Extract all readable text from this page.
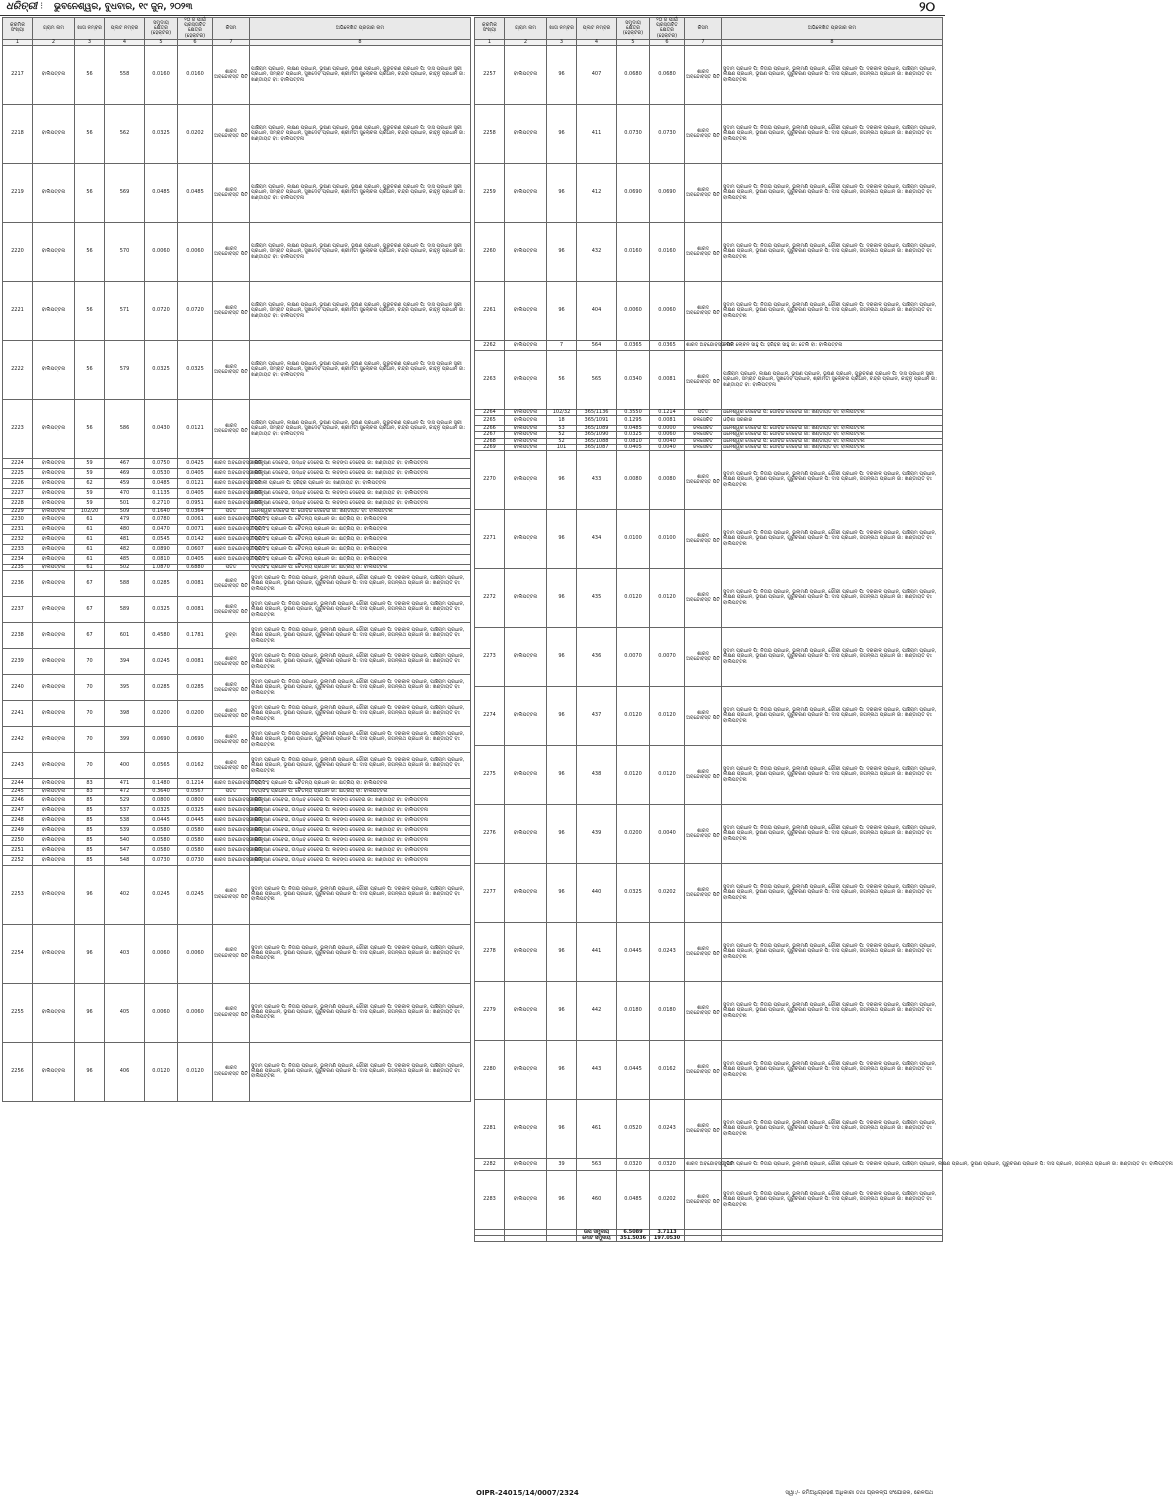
ଧରିତ୍ରୀ ⁝ ଭୁବନେଶ୍ୱର, ବୁଧବାର, ୧୯ ଜୁନ, ୨୦୨୩	୨୦
କ୍ରମିକ ସଂଖ୍ୟା	ଗ୍ରାମ ନାମ	ଖାତା ନମ୍ବର	ପ୍ଲଟ ନମ୍ବର	ସମୁଦାୟ କ୍ଷେତ୍ର (ହେକ୍ଟର)	୨୦ ଜ ପାଇଁ ପ୍ରସ୍ତାବିତ କ୍ଷେତ୍ର (ହେକ୍ଟର)	କିସମ	ଅଭିଳେଖିତ ପ୍ରଜାର ନାମ
1	2	3	4	5	6	7	8
2217	ବାଲିପଟ୍ଟନା	56	558	0.0160	0.0160	ଶାରଦ ଅବନ୍ଦୋବସ୍ତ ପିଟି	ପାଞ୍ଚିରାମ ପ୍ରଧାନ, ଲକ୍ଷଣ ପ୍ରଧାନ, ଭୂଷଣ ପ୍ରଧାନ, ଭୂଷଣ ପ୍ରଧାନ, ଗୁରୁଚରଣ ପ୍ରଧାନ ପି: ଦାସ ପ୍ରଧାନ ସ୍ତ୍ରୀ ପ୍ରଧାନ, ସମ୍ରାଟ ପ୍ରଧାନ, ସୁଖଦେବ ପ୍ରଧାନ, ଶ୍ରୀମତୀ ସୁଲୋଚନା ପ୍ରଧାନ, ଚନ୍ଦ୍ର ପ୍ରଧାନ, କାହ୍ନୁ ପ୍ରଧାନ ଜା: ଖଣ୍ଡାୟତ ବା: ବାଲିପଟ୍ଟନା
2218	ବାଲିପଟ୍ଟନା	56	562	0.0325	0.0202	ଶାରଦ ଅବନ୍ଦୋବସ୍ତ ପିଟି	ପାଞ୍ଚିରାମ ପ୍ରଧାନ, ଲକ୍ଷଣ ପ୍ରଧାନ, ଭୂଷଣ ପ୍ରଧାନ, ଭୂଷଣ ପ୍ରଧାନ, ଗୁରୁଚରଣ ପ୍ରଧାନ ପି: ଦାସ ପ୍ରଧାନ ସ୍ତ୍ରୀ ପ୍ରଧାନ, ସମ୍ରାଟ ପ୍ରଧାନ, ସୁଖଦେବ ପ୍ରଧାନ, ଶ୍ରୀମତୀ ସୁଲୋଚନା ପ୍ରଧାନ, ଚନ୍ଦ୍ର ପ୍ରଧାନ, କାହ୍ନୁ ପ୍ରଧାନ ଜା: ଖଣ୍ଡାୟତ ବା: ବାଲିପଟ୍ଟନା
2219	ବାଲିପଟ୍ଟନା	56	569	0.0485	0.0485	ଶାରଦ ଅବନ୍ଦୋବସ୍ତ ପିଟି	ପାଞ୍ଚିରାମ ପ୍ରଧାନ, ଲକ୍ଷଣ ପ୍ରଧାନ, ଭୂଷଣ ପ୍ରଧାନ, ଭୂଷଣ ପ୍ରଧାନ, ଗୁରୁଚରଣ ପ୍ରଧାନ ପି: ଦାସ ପ୍ରଧାନ ସ୍ତ୍ରୀ ପ୍ରଧାନ, ସମ୍ରାଟ ପ୍ରଧାନ, ସୁଖଦେବ ପ୍ରଧାନ, ଶ୍ରୀମତୀ ସୁଲୋଚନା ପ୍ରଧାନ, ଚନ୍ଦ୍ର ପ୍ରଧାନ, କାହ୍ନୁ ପ୍ରଧାନ ଜା: ଖଣ୍ଡାୟତ ବା: ବାଲିପଟ୍ଟନା
2220	ବାଲିପଟ୍ଟନା	56	570	0.0060	0.0060	ଶାରଦ ଅବନ୍ଦୋବସ୍ତ ପିଟି	ପାଞ୍ଚିରାମ ପ୍ରଧାନ, ଲକ୍ଷଣ ପ୍ରଧାନ, ଭୂଷଣ ପ୍ରଧାନ, ଭୂଷଣ ପ୍ରଧାନ, ଗୁରୁଚରଣ ପ୍ରଧାନ ପି: ଦାସ ପ୍ରଧାନ ସ୍ତ୍ରୀ ପ୍ରଧାନ, ସମ୍ରାଟ ପ୍ରଧାନ, ସୁଖଦେବ ପ୍ରଧାନ, ଶ୍ରୀମତୀ ସୁଲୋଚନା ପ୍ରଧାନ, ଚନ୍ଦ୍ର ପ୍ରଧାନ, କାହ୍ନୁ ପ୍ରଧାନ ଜା: ଖଣ୍ଡାୟତ ବା: ବାଲିପଟ୍ଟନା
2221	ବାଲିପଟ୍ଟନା	56	571	0.0720	0.0720	ଶାରଦ ଅବନ୍ଦୋବସ୍ତ ପିଟି	ପାଞ୍ଚିରାମ ପ୍ରଧାନ, ଲକ୍ଷଣ ପ୍ରଧାନ, ଭୂଷଣ ପ୍ରଧାନ, ଭୂଷଣ ପ୍ରଧାନ, ଗୁରୁଚରଣ ପ୍ରଧାନ ପି: ଦାସ ପ୍ରଧାନ ସ୍ତ୍ରୀ ପ୍ରଧାନ, ସମ୍ରାଟ ପ୍ରଧାନ, ସୁଖଦେବ ପ୍ରଧାନ, ଶ୍ରୀମତୀ ସୁଲୋଚନା ପ୍ରଧାନ, ଚନ୍ଦ୍ର ପ୍ରଧାନ, କାହ୍ନୁ ପ୍ରଧାନ ଜା: ଖଣ୍ଡାୟତ ବା: ବାଲିପଟ୍ଟନା
2222	ବାଲିପଟ୍ଟନା	56	579	0.0325	0.0325	ଶାରଦ ଅବନ୍ଦୋବସ୍ତ ପିଟି	ପାଞ୍ଚିରାମ ପ୍ରଧାନ, ଲକ୍ଷଣ ପ୍ରଧାନ, ଭୂଷଣ ପ୍ରଧାନ, ଭୂଷଣ ପ୍ରଧାନ, ଗୁରୁଚରଣ ପ୍ରଧାନ ପି: ଦାସ ପ୍ରଧାନ ସ୍ତ୍ରୀ ପ୍ରଧାନ, ସମ୍ରାଟ ପ୍ରଧାନ, ସୁଖଦେବ ପ୍ରଧାନ, ଶ୍ରୀମତୀ ସୁଲୋଚନା ପ୍ରଧାନ, ଚନ୍ଦ୍ର ପ୍ରଧାନ, କାହ୍ନୁ ପ୍ରଧାନ ଜା: ଖଣ୍ଡାୟତ ବା: ବାଲିପଟ୍ଟନା
2223	ବାଲିପଟ୍ଟନା	56	586	0.0430	0.0121	ଶାରଦ ଅବନ୍ଦୋବସ୍ତ ପିଟି	ପାଞ୍ଚିରାମ ପ୍ରଧାନ, ଲକ୍ଷଣ ପ୍ରଧାନ, ଭୂଷଣ ପ୍ରଧାନ, ଭୂଷଣ ପ୍ରଧାନ, ଗୁରୁଚରଣ ପ୍ରଧାନ ପି: ଦାସ ପ୍ରଧାନ ସ୍ତ୍ରୀ ପ୍ରଧାନ, ସମ୍ରାଟ ପ୍ରଧାନ, ସୁଖଦେବ ପ୍ରଧାନ, ଶ୍ରୀମତୀ ସୁଲୋଚନା ପ୍ରଧାନ, ଚନ୍ଦ୍ର ପ୍ରଧାନ, କାହ୍ନୁ ପ୍ରଧାନ ଜା: ଖଣ୍ଡାୟତ ବା: ବାଲିପଟ୍ଟନା
2224	ବାଲିପଟ୍ଟନା	59	467	0.0750	0.0425	ଶାରଦ ଅବନ୍ଦୋବସ୍ତ ପିଟି	ଶ୍ରୀକୃଷ୍ଣ ଦେବେଇ, ଉଦ୍ଧବ ଦେବେଇ ପି: ଲବଙ୍ଗ ଦେବେଇ ଜା: ଖଣ୍ଡାୟତ ବା: ବାଲିପଟ୍ଟନା
2225	ବାଲିପଟ୍ଟନା	59	469	0.0530	0.0405	ଶାରଦ ଅବନ୍ଦୋବସ୍ତ ପିଟି	ଶ୍ରୀକୃଷ୍ଣ ଦେବେଇ, ଉଦ୍ଧବ ଦେବେଇ ପି: ଲବଙ୍ଗ ଦେବେଇ ଜା: ଖଣ୍ଡାୟତ ବା: ବାଲିପଟ୍ଟନା
2226	ବାଲିପଟ୍ଟନା	62	459	0.0485	0.0121	ଶାରଦ ଅବନ୍ଦୋବସ୍ତ ପିଟି	ବନମାଳୀ ପ୍ରଧାନ ପି: ହରିହର ପ୍ରଧାନ ଜା: ଖଣ୍ଡାୟତ ବା: ବାଲିପଟ୍ଟନା
2227	ବାଲିପଟ୍ଟନା	59	470	0.1135	0.0405	ଶାରଦ ଅବନ୍ଦୋବସ୍ତ ପିଟି	ଶ୍ରୀକୃଷ୍ଣ ଦେବେଇ, ଉଦ୍ଧବ ଦେବେଇ ପି: ଲବଙ୍ଗ ଦେବେଇ ଜା: ଖଣ୍ଡାୟତ ବା: ବାଲିପଟ୍ଟନା
2228	ବାଲିପଟ୍ଟନା	59	501	0.2710	0.0951	ଶାରଦ ଅବନ୍ଦୋବସ୍ତ ପିଟି	ଶ୍ରୀକୃଷ୍ଣ ଦେବେଇ, ଉଦ୍ଧବ ଦେବେଇ ପି: ଲବଙ୍ଗ ଦେବେଇ ଜା: ଖଣ୍ଡାୟତ ବା: ବାଲିପଟ୍ଟନା
2229	ବାଲିପଟ୍ଟନା	102/20	509	0.1640	0.0364	ପତିତ	ଧନେଶ୍ୱର ଦେବେଇ ପି: ଗୋବିନ୍ଦ ଦେବେଇ ଜା: ଖଣ୍ଡାୟତ ବା: ବାଲିପଟ୍ଟନା
2230	ବାଲିପଟ୍ଟନା	61	479	0.0780	0.0061	ଶାରଦ ଅବନ୍ଦୋବସ୍ତ ପିଟି	ଦିବ୍ୟସିଂହ ପ୍ରଧାନ ପି: ଚୈତନ୍ୟ ପ୍ରଧାନ ଜା: କ୍ଷତ୍ରିୟ ବା: ବାଲିପଟ୍ଟନା
2231	ବାଲିପଟ୍ଟନା	61	480	0.0470	0.0071	ଶାରଦ ଅବନ୍ଦୋବସ୍ତ ପିଟି	ଦିବ୍ୟସିଂହ ପ୍ରଧାନ ପି: ଚୈତନ୍ୟ ପ୍ରଧାନ ଜା: କ୍ଷତ୍ରିୟ ବା: ବାଲିପଟ୍ଟନା
2232	ବାଲିପଟ୍ଟନା	61	481	0.0545	0.0142	ଶାରଦ ଅବନ୍ଦୋବସ୍ତ ପିଟି	ଦିବ୍ୟସିଂହ ପ୍ରଧାନ ପି: ଚୈତନ୍ୟ ପ୍ରଧାନ ଜା: କ୍ଷତ୍ରିୟ ବା: ବାଲିପଟ୍ଟନା
2233	ବାଲିପଟ୍ଟନା	61	482	0.0890	0.0607	ଶାରଦ ଅବନ୍ଦୋବସ୍ତ ପିଟି	ଦିବ୍ୟସିଂହ ପ୍ରଧାନ ପି: ଚୈତନ୍ୟ ପ୍ରଧାନ ଜା: କ୍ଷତ୍ରିୟ ବା: ବାଲିପଟ୍ଟନା
2234	ବାଲିପଟ୍ଟନା	61	485	0.0810	0.0405	ଶାରଦ ଅବନ୍ଦୋବସ୍ତ ପିଟି	ଦିବ୍ୟସିଂହ ପ୍ରଧାନ ପି: ଚୈତନ୍ୟ ପ୍ରଧାନ ଜା: କ୍ଷତ୍ରିୟ ବା: ବାଲିପଟ୍ଟନା
2235	ବାଲିପଟ୍ଟନା	61	502	1.0870	0.6880	ପତିତ	ଦିବ୍ୟସିଂହ ପ୍ରଧାନ ପି: ଚୈତନ୍ୟ ପ୍ରଧାନ ଜା: କ୍ଷତ୍ରିୟ ବା: ବାଲିପଟ୍ଟନା
2236	ବାଲିପଟ୍ଟନା	67	588	0.0285	0.0081	ଶାରଦ ଅବନ୍ଦୋବସ୍ତ ପିଟି	ସୁଦାମ ପ୍ରଧାନ ପି: ନିତାଇ ପ୍ରଧାନ, ଭୁଲାମଣି ପ୍ରଧାନ, ଗୌରୀ ପ୍ରଧାନ ପି: ଦରକାଳ ପ୍ରଧାନ, ପାଞ୍ଚିରାମ ପ୍ରଧାନ, ଲକ୍ଷଣ ପ୍ରଧାନ, ଭୂଷଣ ପ୍ରଧାନ, ଗୁରୁଚରଣ ପ୍ରଧାନ ପି: ଦାସ ପ୍ରଧାନ, ଜଗନ୍ନାଥ ପ୍ରଧାନ ଜା: ଖଣ୍ଡାୟତ ବା: ବାଲିପଟ୍ଟନା
2237	ବାଲିପଟ୍ଟନା	67	589	0.0325	0.0081	ଶାରଦ ଅବନ୍ଦୋବସ୍ତ ପିଟି	ସୁଦାମ ପ୍ରଧାନ ପି: ନିତାଇ ପ୍ରଧାନ, ଭୁଲାମଣି ପ୍ରଧାନ, ଗୌରୀ ପ୍ରଧାନ ପି: ଦରକାଳ ପ୍ରଧାନ, ପାଞ୍ଚିରାମ ପ୍ରଧାନ, ଲକ୍ଷଣ ପ୍ରଧାନ, ଭୂଷଣ ପ୍ରଧାନ, ଗୁରୁଚରଣ ପ୍ରଧାନ ପି: ଦାସ ପ୍ରଧାନ, ଜଗନ୍ନାଥ ପ୍ରଧାନ ଜା: ଖଣ୍ଡାୟତ ବା: ବାଲିପଟ୍ଟନା
2238	ବାଲିପଟ୍ଟନା	67	601	0.4580	0.1781	ଡୁବ୍ବା	ସୁଦାମ ପ୍ରଧାନ ପି: ନିତାଇ ପ୍ରଧାନ, ଭୁଲାମଣି ପ୍ରଧାନ, ଗୌରୀ ପ୍ରଧାନ ପି: ଦରକାଳ ପ୍ରଧାନ, ପାଞ୍ଚିରାମ ପ୍ରଧାନ, ଲକ୍ଷଣ ପ୍ରଧାନ, ଭୂଷଣ ପ୍ରଧାନ, ଗୁରୁଚରଣ ପ୍ରଧାନ ପି: ଦାସ ପ୍ରଧାନ, ଜଗନ୍ନାଥ ପ୍ରଧାନ ଜା: ଖଣ୍ଡାୟତ ବା: ବାଲିପଟ୍ଟନା
2239	ବାଲିପଟ୍ଟନା	70	394	0.0245	0.0081	ଶାରଦ ଅବନ୍ଦୋବସ୍ତ ପିଟି	ସୁଦାମ ପ୍ରଧାନ ପି: ନିତାଇ ପ୍ରଧାନ, ଭୁଲାମଣି ପ୍ରଧାନ, ଗୌରୀ ପ୍ରଧାନ ପି: ଦରକାଳ ପ୍ରଧାନ, ପାଞ୍ଚିରାମ ପ୍ରଧାନ, ଲକ୍ଷଣ ପ୍ରଧାନ, ଭୂଷଣ ପ୍ରଧାନ, ଗୁରୁଚରଣ ପ୍ରଧାନ ପି: ଦାସ ପ୍ରଧାନ, ଜଗନ୍ନାଥ ପ୍ରଧାନ ଜା: ଖଣ୍ଡାୟତ ବା: ବାଲିପଟ୍ଟନା
2240	ବାଲିପଟ୍ଟନା	70	395	0.0285	0.0285	ଶାରଦ ଅବନ୍ଦୋବସ୍ତ ପିଟି	ସୁଦାମ ପ୍ରଧାନ ପି: ନିତାଇ ପ୍ରଧାନ, ଭୁଲାମଣି ପ୍ରଧାନ, ଗୌରୀ ପ୍ରଧାନ ପି: ଦରକାଳ ପ୍ରଧାନ, ପାଞ୍ଚିରାମ ପ୍ରଧାନ, ଲକ୍ଷଣ ପ୍ରଧାନ, ଭୂଷଣ ପ୍ରଧାନ, ଗୁରୁଚରଣ ପ୍ରଧାନ ପି: ଦାସ ପ୍ରଧାନ, ଜଗନ୍ନାଥ ପ୍ରଧାନ ଜା: ଖଣ୍ଡାୟତ ବା: ବାଲିପଟ୍ଟନା
2241	ବାଲିପଟ୍ଟନା	70	398	0.0200	0.0200	ଶାରଦ ଅବନ୍ଦୋବସ୍ତ ପିଟି	ସୁଦାମ ପ୍ରଧାନ ପି: ନିତାଇ ପ୍ରଧାନ, ଭୁଲାମଣି ପ୍ରଧାନ, ଗୌରୀ ପ୍ରଧାନ ପି: ଦରକାଳ ପ୍ରଧାନ, ପାଞ୍ଚିରାମ ପ୍ରଧାନ, ଲକ୍ଷଣ ପ୍ରଧାନ, ଭୂଷଣ ପ୍ରଧାନ, ଗୁରୁଚରଣ ପ୍ରଧାନ ପି: ଦାସ ପ୍ରଧାନ, ଜଗନ୍ନାଥ ପ୍ରଧାନ ଜା: ଖଣ୍ଡାୟତ ବା: ବାଲିପଟ୍ଟନା
2242	ବାଲିପଟ୍ଟନା	70	399	0.0690	0.0690	ଶାରଦ ଅବନ୍ଦୋବସ୍ତ ପିଟି	ସୁଦାମ ପ୍ରଧାନ ପି: ନିତାଇ ପ୍ରଧାନ, ଭୁଲାମଣି ପ୍ରଧାନ, ଗୌରୀ ପ୍ରଧାନ ପି: ଦରକାଳ ପ୍ରଧାନ, ପାଞ୍ଚିରାମ ପ୍ରଧାନ, ଲକ୍ଷଣ ପ୍ରଧାନ, ଭୂଷଣ ପ୍ରଧାନ, ଗୁରୁଚରଣ ପ୍ରଧାନ ପି: ଦାସ ପ୍ରଧାନ, ଜଗନ୍ନାଥ ପ୍ରଧାନ ଜା: ଖଣ୍ଡାୟତ ବା: ବାଲିପଟ୍ଟନା
2243	ବାଲିପଟ୍ଟନା	70	400	0.0565	0.0162	ଶାରଦ ଅବନ୍ଦୋବସ୍ତ ପିଟି	ସୁଦାମ ପ୍ରଧାନ ପି: ନିତାଇ ପ୍ରଧାନ, ଭୁଲାମଣି ପ୍ରଧାନ, ଗୌରୀ ପ୍ରଧାନ ପି: ଦରକାଳ ପ୍ରଧାନ, ପାଞ୍ଚିରାମ ପ୍ରଧାନ, ଲକ୍ଷଣ ପ୍ରଧାନ, ଭୂଷଣ ପ୍ରଧାନ, ଗୁରୁଚରଣ ପ୍ରଧାନ ପି: ଦାସ ପ୍ରଧାନ, ଜଗନ୍ନାଥ ପ୍ରଧାନ ଜା: ଖଣ୍ଡାୟତ ବା: ବାଲିପଟ୍ଟନା
2244	ବାଲିପଟ୍ଟନା	83	471	0.1480	0.1214	ଶାରଦ ଅବନ୍ଦୋବସ୍ତ ପିଟି	ଦିବ୍ୟସିଂହ ପ୍ରଧାନ ପି: ଚୈତନ୍ୟ ପ୍ରଧାନ ଜା: କ୍ଷତ୍ରିୟ ବା: ବାଲିପଟ୍ଟନା
2245	ବାଲିପଟ୍ଟନା	83	472	0.3640	0.0567	ପତିତ	ଦିବ୍ୟସିଂହ ପ୍ରଧାନ ପି: ଚୈତନ୍ୟ ପ୍ରଧାନ ଜା: କ୍ଷତ୍ରିୟ ବା: ବାଲିପଟ୍ଟନା
2246	ବାଲିପଟ୍ଟନା	85	529	0.0800	0.0800	ଶାରଦ ଅବନ୍ଦୋବସ୍ତ ପିଟି	ଶ୍ରୀକୃଷ୍ଣ ଦେବେଇ, ଉଦ୍ଧବ ଦେବେଇ ପି: ଲବଙ୍ଗ ଦେବେଇ ଜା: ଖଣ୍ଡାୟତ ବା: ବାଲିପଟ୍ଟନା
2247	ବାଲିପଟ୍ଟନା	85	537	0.0325	0.0325	ଶାରଦ ଅବନ୍ଦୋବସ୍ତ ପିଟି	ଶ୍ରୀକୃଷ୍ଣ ଦେବେଇ, ଉଦ୍ଧବ ଦେବେଇ ପି: ଲବଙ୍ଗ ଦେବେଇ ଜା: ଖଣ୍ଡାୟତ ବା: ବାଲିପଟ୍ଟନା
2248	ବାଲିପଟ୍ଟନା	85	538	0.0445	0.0445	ଶାରଦ ଅବନ୍ଦୋବସ୍ତ ପିଟି	ଶ୍ରୀକୃଷ୍ଣ ଦେବେଇ, ଉଦ୍ଧବ ଦେବେଇ ପି: ଲବଙ୍ଗ ଦେବେଇ ଜା: ଖଣ୍ଡାୟତ ବା: ବାଲିପଟ୍ଟନା
2249	ବାଲିପଟ୍ଟନା	85	539	0.0580	0.0580	ଶାରଦ ଅବନ୍ଦୋବସ୍ତ ପିଟି	ଶ୍ରୀକୃଷ୍ଣ ଦେବେଇ, ଉଦ୍ଧବ ଦେବେଇ ପି: ଲବଙ୍ଗ ଦେବେଇ ଜା: ଖଣ୍ଡାୟତ ବା: ବାଲିପଟ୍ଟନା
2250	ବାଲିପଟ୍ଟନା	85	540	0.0580	0.0580	ଶାରଦ ଅବନ୍ଦୋବସ୍ତ ପିଟି	ଶ୍ରୀକୃଷ୍ଣ ଦେବେଇ, ଉଦ୍ଧବ ଦେବେଇ ପି: ଲବଙ୍ଗ ଦେବେଇ ଜା: ଖଣ୍ଡାୟତ ବା: ବାଲିପଟ୍ଟନା
2251	ବାଲିପଟ୍ଟନା	85	547	0.0580	0.0580	ଶାରଦ ଅବନ୍ଦୋବସ୍ତ ପିଟି	ଶ୍ରୀକୃଷ୍ଣ ଦେବେଇ, ଉଦ୍ଧବ ଦେବେଇ ପି: ଲବଙ୍ଗ ଦେବେଇ ଜା: ଖଣ୍ଡାୟତ ବା: ବାଲିପଟ୍ଟନା
2252	ବାଲିପଟ୍ଟନା	85	548	0.0730	0.0730	ଶାରଦ ଅବନ୍ଦୋବସ୍ତ ପିଟି	ଶ୍ରୀକୃଷ୍ଣ ଦେବେଇ, ଉଦ୍ଧବ ଦେବେଇ ପି: ଲବଙ୍ଗ ଦେବେଇ ଜା: ଖଣ୍ଡାୟତ ବା: ବାଲିପଟ୍ଟନା
2253	ବାଲିପଟ୍ଟନା	96	402	0.0245	0.0245	ଶାରଦ ଅବନ୍ଦୋବସ୍ତ ପିଟି	ସୁଦାମ ପ୍ରଧାନ ପି: ନିତାଇ ପ୍ରଧାନ, ଭୁଲାମଣି ପ୍ରଧାନ, ଗୌରୀ ପ୍ରଧାନ ପି: ଦରକାଳ ପ୍ରଧାନ, ପାଞ୍ଚିରାମ ପ୍ରଧାନ, ଲକ୍ଷଣ ପ୍ରଧାନ, ଭୂଷଣ ପ୍ରଧାନ, ଗୁରୁଚରଣ ପ୍ରଧାନ ପି: ଦାସ ପ୍ରଧାନ, ଜଗନ୍ନାଥ ପ୍ରଧାନ ଜା: ଖଣ୍ଡାୟତ ବା: ବାଲିପଟ୍ଟନା
2254	ବାଲିପଟ୍ଟନା	96	403	0.0060	0.0060	ଶାରଦ ଅବନ୍ଦୋବସ୍ତ ପିଟି	ସୁଦାମ ପ୍ରଧାନ ପି: ନିତାଇ ପ୍ରଧାନ, ଭୁଲାମଣି ପ୍ରଧାନ, ଗୌରୀ ପ୍ରଧାନ ପି: ଦରକାଳ ପ୍ରଧାନ, ପାଞ୍ଚିରାମ ପ୍ରଧାନ, ଲକ୍ଷଣ ପ୍ରଧାନ, ଭୂଷଣ ପ୍ରଧାନ, ଗୁରୁଚରଣ ପ୍ରଧାନ ପି: ଦାସ ପ୍ରଧାନ, ଜଗନ୍ନାଥ ପ୍ରଧାନ ଜା: ଖଣ୍ଡାୟତ ବା: ବାଲିପଟ୍ଟନା
2255	ବାଲିପଟ୍ଟନା	96	405	0.0060	0.0060	ଶାରଦ ଅବନ୍ଦୋବସ୍ତ ପିଟି	ସୁଦାମ ପ୍ରଧାନ ପି: ନିତାଇ ପ୍ରଧାନ, ଭୁଲାମଣି ପ୍ରଧାନ, ଗୌରୀ ପ୍ରଧାନ ପି: ଦରକାଳ ପ୍ରଧାନ, ପାଞ୍ଚିରାମ ପ୍ରଧାନ, ଲକ୍ଷଣ ପ୍ରଧାନ, ଭୂଷଣ ପ୍ରଧାନ, ଗୁରୁଚରଣ ପ୍ରଧାନ ପି: ଦାସ ପ୍ରଧାନ, ଜଗନ୍ନାଥ ପ୍ରଧାନ ଜା: ଖଣ୍ଡାୟତ ବା: ବାଲିପଟ୍ଟନା
2256	ବାଲିପଟ୍ଟନା	96	406	0.0120	0.0120	ଶାରଦ ଅବନ୍ଦୋବସ୍ତ ପିଟି	ସୁଦାମ ପ୍ରଧାନ ପି: ନିତାଇ ପ୍ରଧାନ, ଭୁଲାମଣି ପ୍ରଧାନ, ଗୌରୀ ପ୍ରଧାନ ପି: ଦରକାଳ ପ୍ରଧାନ, ପାଞ୍ଚିରାମ ପ୍ରଧାନ, ଲକ୍ଷଣ ପ୍ରଧାନ, ଭୂଷଣ ପ୍ରଧାନ, ଗୁରୁଚରଣ ପ୍ରଧାନ ପି: ଦାସ ପ୍ରଧାନ, ଜଗନ୍ନାଥ ପ୍ରଧାନ ଜା: ଖଣ୍ଡାୟତ ବା: ବାଲିପଟ୍ଟନା
କ୍ରମିକ ସଂଖ୍ୟା	ଗ୍ରାମ ନାମ	ଖାତା ନମ୍ବର	ପ୍ଲଟ ନମ୍ବର	ସମୁଦାୟ କ୍ଷେତ୍ର (ହେକ୍ଟର)	୨୦ ଜ ପାଇଁ ପ୍ରସ୍ତାବିତ କ୍ଷେତ୍ର (ହେକ୍ଟର)	କିସମ	ଅଭିଳେଖିତ ପ୍ରଜାର ନାମ
1	2	3	4	5	6	7	8
2257	ବାଲିପଟ୍ଟନା	96	407	0.0680	0.0680	ଶାରଦ ଅବନ୍ଦୋବସ୍ତ ପିଟି	ସୁଦାମ ପ୍ରଧାନ ପି: ନିତାଇ ପ୍ରଧାନ, ଭୁଲାମଣି ପ୍ରଧାନ, ଗୌରୀ ପ୍ରଧାନ ପି: ଦରକାଳ ପ୍ରଧାନ, ପାଞ୍ଚିରାମ ପ୍ରଧାନ, ଲକ୍ଷଣ ପ୍ରଧାନ, ଭୂଷଣ ପ୍ରଧାନ, ଗୁରୁଚରଣ ପ୍ରଧାନ ପି: ଦାସ ପ୍ରଧାନ, ଜଗନ୍ନାଥ ପ୍ରଧାନ ଜା: ଖଣ୍ଡାୟତ ବା: ବାଲିପଟ୍ଟନା
2258	ବାଲିପଟ୍ଟନା	96	411	0.0730	0.0730	ଶାରଦ ଅବନ୍ଦୋବସ୍ତ ପିଟି	ସୁଦାମ ପ୍ରଧାନ ପି: ନିତାଇ ପ୍ରଧାନ, ଭୁଲାମଣି ପ୍ରଧାନ, ଗୌରୀ ପ୍ରଧାନ ପି: ଦରକାଳ ପ୍ରଧାନ, ପାଞ୍ଚିରାମ ପ୍ରଧାନ, ଲକ୍ଷଣ ପ୍ରଧାନ, ଭୂଷଣ ପ୍ରଧାନ, ଗୁରୁଚରଣ ପ୍ରଧାନ ପି: ଦାସ ପ୍ରଧାନ, ଜଗନ୍ନାଥ ପ୍ରଧାନ ଜା: ଖଣ୍ଡାୟତ ବା: ବାଲିପଟ୍ଟନା
2259	ବାଲିପଟ୍ଟନା	96	412	0.0690	0.0690	ଶାରଦ ଅବନ୍ଦୋବସ୍ତ ପିଟି	ସୁଦାମ ପ୍ରଧାନ ପି: ନିତାଇ ପ୍ରଧାନ, ଭୁଲାମଣି ପ୍ରଧାନ, ଗୌରୀ ପ୍ରଧାନ ପି: ଦରକାଳ ପ୍ରଧାନ, ପାଞ୍ଚିରାମ ପ୍ରଧାନ, ଲକ୍ଷଣ ପ୍ରଧାନ, ଭୂଷଣ ପ୍ରଧାନ, ଗୁରୁଚରଣ ପ୍ରଧାନ ପି: ଦାସ ପ୍ରଧାନ, ଜଗନ୍ନାଥ ପ୍ରଧାନ ଜା: ଖଣ୍ଡାୟତ ବା: ବାଲିପଟ୍ଟନା
2260	ବାଲିପଟ୍ଟନା	96	432	0.0160	0.0160	ଶାରଦ ଅବନ୍ଦୋବସ୍ତ ପିଟି	ସୁଦାମ ପ୍ରଧାନ ପି: ନିତାଇ ପ୍ରଧାନ, ଭୁଲାମଣି ପ୍ରଧାନ, ଗୌରୀ ପ୍ରଧାନ ପି: ଦରକାଳ ପ୍ରଧାନ, ପାଞ୍ଚିରାମ ପ୍ରଧାନ, ଲକ୍ଷଣ ପ୍ରଧାନ, ଭୂଷଣ ପ୍ରଧାନ, ଗୁରୁଚରଣ ପ୍ରଧାନ ପି: ଦାସ ପ୍ରଧାନ, ଜଗନ୍ନାଥ ପ୍ରଧାନ ଜା: ଖଣ୍ଡାୟତ ବା: ବାଲିପଟ୍ଟନା
2261	ବାଲିପଟ୍ଟନା	96	404	0.0060	0.0060	ଶାରଦ ଅବନ୍ଦୋବସ୍ତ ପିଟି	ସୁଦାମ ପ୍ରଧାନ ପି: ନିତାଇ ପ୍ରଧାନ, ଭୁଲାମଣି ପ୍ରଧାନ, ଗୌରୀ ପ୍ରଧାନ ପି: ଦରକାଳ ପ୍ରଧାନ, ପାଞ୍ଚିରାମ ପ୍ରଧାନ, ଲକ୍ଷଣ ପ୍ରଧାନ, ଭୂଷଣ ପ୍ରଧାନ, ଗୁରୁଚରଣ ପ୍ରଧାନ ପି: ଦାସ ପ୍ରଧାନ, ଜଗନ୍ନାଥ ପ୍ରଧାନ ଜା: ଖଣ୍ଡାୟତ ବା: ବାଲିପଟ୍ଟନା
2262	ବାଲିପଟ୍ଟନା	7	564	0.0365	0.0365	ଶାରଦ ଅବନ୍ଦୋବସ୍ତ ପିଟି	କମଳ ଲୋଚନ ସାହୁ ପି: ହରିହର ସାହୁ ଜା: ତେଲି ବା: ବାଲିପଟ୍ଟନା
2263	ବାଲିପଟ୍ଟନା	56	565	0.0340	0.0081	ଶାରଦ ଅବନ୍ଦୋବସ୍ତ ପିଟି	ପାଞ୍ଚିରାମ ପ୍ରଧାନ, ଲକ୍ଷଣ ପ୍ରଧାନ, ଭୂଷଣ ପ୍ରଧାନ, ଭୂଷଣ ପ୍ରଧାନ, ଗୁରୁଚରଣ ପ୍ରଧାନ ପି: ଦାସ ପ୍ରଧାନ ସ୍ତ୍ରୀ ପ୍ରଧାନ, ସମ୍ରାଟ ପ୍ରଧାନ, ସୁଖଦେବ ପ୍ରଧାନ, ଶ୍ରୀମତୀ ସୁଲୋଚନା ପ୍ରଧାନ, ଚନ୍ଦ୍ର ପ୍ରଧାନ, କାହ୍ନୁ ପ୍ରଧାନ ଜା: ଖଣ୍ଡାୟତ ବା: ବାଲିପଟ୍ଟନା
2264	ବାଲିପଟ୍ଟନା	102/32	365/1136	0.3550	0.1214	ପତିତ	ଧନେଶ୍ୱର ଦେବେଇ ପି: ଗୋବିନ୍ଦ ଦେବେଇ ଜା: ଖଣ୍ଡାୟତ ବା: ବାଲିପଟ୍ଟନା
2265	ବାଲିପଟ୍ଟନା	18	365/1091	0.1295	0.0081	ଜଳସେଚିତ	ଓଡ଼ିଶା ସରକାର
2266	ବାଲିପଟ୍ଟନା	53	365/1089	0.0485	0.0000	ଜଳସେଚିତ	ଧନେଶ୍ୱର ଦେବେଇ ପି: ଗୋବିନ୍ଦ ଦେବେଇ ଜା: ଖଣ୍ଡାୟତ ବା: ବାଲିପଟ୍ଟନା
2267	ବାଲିପଟ୍ଟନା	52	365/1090	0.0325	0.0060	ଜଳସେଚିତ	ଧନେଶ୍ୱର ଦେବେଇ ପି: ଗୋବିନ୍ଦ ଦେବେଇ ଜା: ଖଣ୍ଡାୟତ ବା: ବାଲିପଟ୍ଟନା
2268	ବାଲିପଟ୍ଟନା	52	365/1088	0.0810	0.0040	ଜଳସେଚିତ	ଧନେଶ୍ୱର ଦେବେଇ ପି: ଗୋବିନ୍ଦ ଦେବେଇ ଜା: ଖଣ୍ଡାୟତ ବା: ବାଲିପଟ୍ଟନା
2269	ବାଲିପଟ୍ଟନା	101	365/1087	0.0405	0.0040	ଜଳସେଚିତ	ଧନେଶ୍ୱର ଦେବେଇ ପି: ଗୋବିନ୍ଦ ଦେବେଇ ଜା: ଖଣ୍ଡାୟତ ବା: ବାଲିପଟ୍ଟନା
2270	ବାଲିପଟ୍ଟନା	96	433	0.0080	0.0080	ଶାରଦ ଅବନ୍ଦୋବସ୍ତ ପିଟି	ସୁଦାମ ପ୍ରଧାନ ପି: ନିତାଇ ପ୍ରଧାନ, ଭୁଲାମଣି ପ୍ରଧାନ, ଗୌରୀ ପ୍ରଧାନ ପି: ଦରକାଳ ପ୍ରଧାନ, ପାଞ୍ଚିରାମ ପ୍ରଧାନ, ଲକ୍ଷଣ ପ୍ରଧାନ, ଭୂଷଣ ପ୍ରଧାନ, ଗୁରୁଚରଣ ପ୍ରଧାନ ପି: ଦାସ ପ୍ରଧାନ, ଜଗନ୍ନାଥ ପ୍ରଧାନ ଜା: ଖଣ୍ଡାୟତ ବା: ବାଲିପଟ୍ଟନା
2271	ବାଲିପଟ୍ଟନା	96	434	0.0100	0.0100	ଶାରଦ ଅବନ୍ଦୋବସ୍ତ ପିଟି	ସୁଦାମ ପ୍ରଧାନ ପି: ନିତାଇ ପ୍ରଧାନ, ଭୁଲାମଣି ପ୍ରଧାନ, ଗୌରୀ ପ୍ରଧାନ ପି: ଦରକାଳ ପ୍ରଧାନ, ପାଞ୍ଚିରାମ ପ୍ରଧାନ, ଲକ୍ଷଣ ପ୍ରଧାନ, ଭୂଷଣ ପ୍ରଧାନ, ଗୁରୁଚରଣ ପ୍ରଧାନ ପି: ଦାସ ପ୍ରଧାନ, ଜଗନ୍ନାଥ ପ୍ରଧାନ ଜା: ଖଣ୍ଡାୟତ ବା: ବାଲିପଟ୍ଟନା
2272	ବାଲିପଟ୍ଟନା	96	435	0.0120	0.0120	ଶାରଦ ଅବନ୍ଦୋବସ୍ତ ପିଟି	ସୁଦାମ ପ୍ରଧାନ ପି: ନିତାଇ ପ୍ରଧାନ, ଭୁଲାମଣି ପ୍ରଧାନ, ଗୌରୀ ପ୍ରଧାନ ପି: ଦରକାଳ ପ୍ରଧାନ, ପାଞ୍ଚିରାମ ପ୍ରଧାନ, ଲକ୍ଷଣ ପ୍ରଧାନ, ଭୂଷଣ ପ୍ରଧାନ, ଗୁରୁଚରଣ ପ୍ରଧାନ ପି: ଦାସ ପ୍ରଧାନ, ଜଗନ୍ନାଥ ପ୍ରଧାନ ଜା: ଖଣ୍ଡାୟତ ବା: ବାଲିପଟ୍ଟନା
2273	ବାଲିପଟ୍ଟନା	96	436	0.0070	0.0070	ଶାରଦ ଅବନ୍ଦୋବସ୍ତ ପିଟି	ସୁଦାମ ପ୍ରଧାନ ପି: ନିତାଇ ପ୍ରଧାନ, ଭୁଲାମଣି ପ୍ରଧାନ, ଗୌରୀ ପ୍ରଧାନ ପି: ଦରକାଳ ପ୍ରଧାନ, ପାଞ୍ଚିରାମ ପ୍ରଧାନ, ଲକ୍ଷଣ ପ୍ରଧାନ, ଭୂଷଣ ପ୍ରଧାନ, ଗୁରୁଚରଣ ପ୍ରଧାନ ପି: ଦାସ ପ୍ରଧାନ, ଜଗନ୍ନାଥ ପ୍ରଧାନ ଜା: ଖଣ୍ଡାୟତ ବା: ବାଲିପଟ୍ଟନା
2274	ବାଲିପଟ୍ଟନା	96	437	0.0120	0.0120	ଶାରଦ ଅବନ୍ଦୋବସ୍ତ ପିଟି	ସୁଦାମ ପ୍ରଧାନ ପି: ନିତାଇ ପ୍ରଧାନ, ଭୁଲାମଣି ପ୍ରଧାନ, ଗୌରୀ ପ୍ରଧାନ ପି: ଦରକାଳ ପ୍ରଧାନ, ପାଞ୍ଚିରାମ ପ୍ରଧାନ, ଲକ୍ଷଣ ପ୍ରଧାନ, ଭୂଷଣ ପ୍ରଧାନ, ଗୁରୁଚରଣ ପ୍ରଧାନ ପି: ଦାସ ପ୍ରଧାନ, ଜଗନ୍ନାଥ ପ୍ରଧାନ ଜା: ଖଣ୍ଡାୟତ ବା: ବାଲିପଟ୍ଟନା
2275	ବାଲିପଟ୍ଟନା	96	438	0.0120	0.0120	ଶାରଦ ଅବନ୍ଦୋବସ୍ତ ପିଟି	ସୁଦାମ ପ୍ରଧାନ ପି: ନିତାଇ ପ୍ରଧାନ, ଭୁଲାମଣି ପ୍ରଧାନ, ଗୌରୀ ପ୍ରଧାନ ପି: ଦରକାଳ ପ୍ରଧାନ, ପାଞ୍ଚିରାମ ପ୍ରଧାନ, ଲକ୍ଷଣ ପ୍ରଧାନ, ଭୂଷଣ ପ୍ରଧାନ, ଗୁରୁଚରଣ ପ୍ରଧାନ ପି: ଦାସ ପ୍ରଧାନ, ଜଗନ୍ନାଥ ପ୍ରଧାନ ଜା: ଖଣ୍ଡାୟତ ବା: ବାଲିପଟ୍ଟନା
2276	ବାଲିପଟ୍ଟନା	96	439	0.0200	0.0040	ଶାରଦ ଅବନ୍ଦୋବସ୍ତ ପିଟି	ସୁଦାମ ପ୍ରଧାନ ପି: ନିତାଇ ପ୍ରଧାନ, ଭୁଲାମଣି ପ୍ରଧାନ, ଗୌରୀ ପ୍ରଧାନ ପି: ଦରକାଳ ପ୍ରଧାନ, ପାଞ୍ଚିରାମ ପ୍ରଧାନ, ଲକ୍ଷଣ ପ୍ରଧାନ, ଭୂଷଣ ପ୍ରଧାନ, ଗୁରୁଚରଣ ପ୍ରଧାନ ପି: ଦାସ ପ୍ରଧାନ, ଜଗନ୍ନାଥ ପ୍ରଧାନ ଜା: ଖଣ୍ଡାୟତ ବା: ବାଲିପଟ୍ଟନା
2277	ବାଲିପଟ୍ଟନା	96	440	0.0325	0.0202	ଶାରଦ ଅବନ୍ଦୋବସ୍ତ ପିଟି	ସୁଦାମ ପ୍ରଧାନ ପି: ନିତାଇ ପ୍ରଧାନ, ଭୁଲାମଣି ପ୍ରଧାନ, ଗୌରୀ ପ୍ରଧାନ ପି: ଦରକାଳ ପ୍ରଧାନ, ପାଞ୍ଚିରାମ ପ୍ରଧାନ, ଲକ୍ଷଣ ପ୍ରଧାନ, ଭୂଷଣ ପ୍ରଧାନ, ଗୁରୁଚରଣ ପ୍ରଧାନ ପି: ଦାସ ପ୍ରଧାନ, ଜଗନ୍ନାଥ ପ୍ରଧାନ ଜା: ଖଣ୍ଡାୟତ ବା: ବାଲିପଟ୍ଟନା
2278	ବାଲିପଟ୍ଟନା	96	441	0.0445	0.0243	ଶାରଦ ଅବନ୍ଦୋବସ୍ତ ପିଟି	ସୁଦାମ ପ୍ରଧାନ ପି: ନିତାଇ ପ୍ରଧାନ, ଭୁଲାମଣି ପ୍ରଧାନ, ଗୌରୀ ପ୍ରଧାନ ପି: ଦରକାଳ ପ୍ରଧାନ, ପାଞ୍ଚିରାମ ପ୍ରଧାନ, ଲକ୍ଷଣ ପ୍ରଧାନ, ଭୂଷଣ ପ୍ରଧାନ, ଗୁରୁଚରଣ ପ୍ରଧାନ ପି: ଦାସ ପ୍ରଧାନ, ଜଗନ୍ନାଥ ପ୍ରଧାନ ଜା: ଖଣ୍ଡାୟତ ବା: ବାଲିପଟ୍ଟନା
2279	ବାଲିପଟ୍ଟନା	96	442	0.0180	0.0180	ଶାରଦ ଅବନ୍ଦୋବସ୍ତ ପିଟି	ସୁଦାମ ପ୍ରଧାନ ପି: ନିତାଇ ପ୍ରଧାନ, ଭୁଲାମଣି ପ୍ରଧାନ, ଗୌରୀ ପ୍ରଧାନ ପି: ଦରକାଳ ପ୍ରଧାନ, ପାଞ୍ଚିରାମ ପ୍ରଧାନ, ଲକ୍ଷଣ ପ୍ରଧାନ, ଭୂଷଣ ପ୍ରଧାନ, ଗୁରୁଚରଣ ପ୍ରଧାନ ପି: ଦାସ ପ୍ରଧାନ, ଜଗନ୍ନାଥ ପ୍ରଧାନ ଜା: ଖଣ୍ଡାୟତ ବା: ବାଲିପଟ୍ଟନା
2280	ବାଲିପଟ୍ଟନା	96	443	0.0445	0.0162	ଶାରଦ ଅବନ୍ଦୋବସ୍ତ ପିଟି	ସୁଦାମ ପ୍ରଧାନ ପି: ନିତାଇ ପ୍ରଧାନ, ଭୁଲାମଣି ପ୍ରଧାନ, ଗୌରୀ ପ୍ରଧାନ ପି: ଦରକାଳ ପ୍ରଧାନ, ପାଞ୍ଚିରାମ ପ୍ରଧାନ, ଲକ୍ଷଣ ପ୍ରଧାନ, ଭୂଷଣ ପ୍ରଧାନ, ଗୁରୁଚରଣ ପ୍ରଧାନ ପି: ଦାସ ପ୍ରଧାନ, ଜଗନ୍ନାଥ ପ୍ରଧାନ ଜା: ଖଣ୍ଡାୟତ ବା: ବାଲିପଟ୍ଟନା
2281	ବାଲିପଟ୍ଟନା	96	461	0.0520	0.0243	ଶାରଦ ଅବନ୍ଦୋବସ୍ତ ପିଟି	ସୁଦାମ ପ୍ରଧାନ ପି: ନିତାଇ ପ୍ରଧାନ, ଭୁଲାମଣି ପ୍ରଧାନ, ଗୌରୀ ପ୍ରଧାନ ପି: ଦରକାଳ ପ୍ରଧାନ, ପାଞ୍ଚିରାମ ପ୍ରଧାନ, ଲକ୍ଷଣ ପ୍ରଧାନ, ଭୂଷଣ ପ୍ରଧାନ, ଗୁରୁଚରଣ ପ୍ରଧାନ ପି: ଦାସ ପ୍ରଧାନ, ଜଗନ୍ନାଥ ପ୍ରଧାନ ଜା: ଖଣ୍ଡାୟତ ବା: ବାଲିପଟ୍ଟନା
2282	ବାଲିପଟ୍ଟନା	39	563	0.0320	0.0320	ଶାରଦ ଅବନ୍ଦୋବସ୍ତ ପିଟି	ସୁଦାମ ପ୍ରଧାନ ପି: ନିତାଇ ପ୍ରଧାନ, ଭୁଲାମଣି ପ୍ରଧାନ, ଗୌରୀ ପ୍ରଧାନ ପି: ଦରକାଳ ପ୍ରଧାନ, ପାଞ୍ଚିରାମ ପ୍ରଧାନ, ଲକ୍ଷଣ ପ୍ରଧାନ, ଭୂଷଣ ପ୍ରଧାନ, ଗୁରୁଚରଣ ପ୍ରଧାନ ପି: ଦାସ ପ୍ରଧାନ, ଜଗନ୍ନାଥ ପ୍ରଧାନ ଜା: ଖଣ୍ଡାୟତ ବା: ବାଲିପଟ୍ଟନା
2283	ବାଲିପଟ୍ଟନା	96	460	0.0485	0.0202	ଶାରଦ ଅବନ୍ଦୋବସ୍ତ ପିଟି	ସୁଦାମ ପ୍ରଧାନ ପି: ନିତାଇ ପ୍ରଧାନ, ଭୁଲାମଣି ପ୍ରଧାନ, ଗୌରୀ ପ୍ରଧାନ ପି: ଦରକାଳ ପ୍ରଧାନ, ପାଞ୍ଚିରାମ ପ୍ରଧାନ, ଲକ୍ଷଣ ପ୍ରଧାନ, ଭୂଷଣ ପ୍ରଧାନ, ଗୁରୁଚରଣ ପ୍ରଧାନ ପି: ଦାସ ପ୍ରଧାନ, ଜଗନ୍ନାଥ ପ୍ରଧାନ ଜା: ଖଣ୍ଡାୟତ ବା: ବାଲିପଟ୍ଟନା
			ଉପ ସମୁଦାୟ	6.5089	3.7113		
			ମୋଟ ସମୁଦାୟ	351.5036	197.0530		
OIPR-24015/14/0007/2324	ସ୍ୱା:/- ଜମିଅଧିଗ୍ରହଣ ଅଧିକାରୀ ତଥା ପ୍ରକଳ୍ପ ସଂଯୋଜକ, ରେଳପଥ
